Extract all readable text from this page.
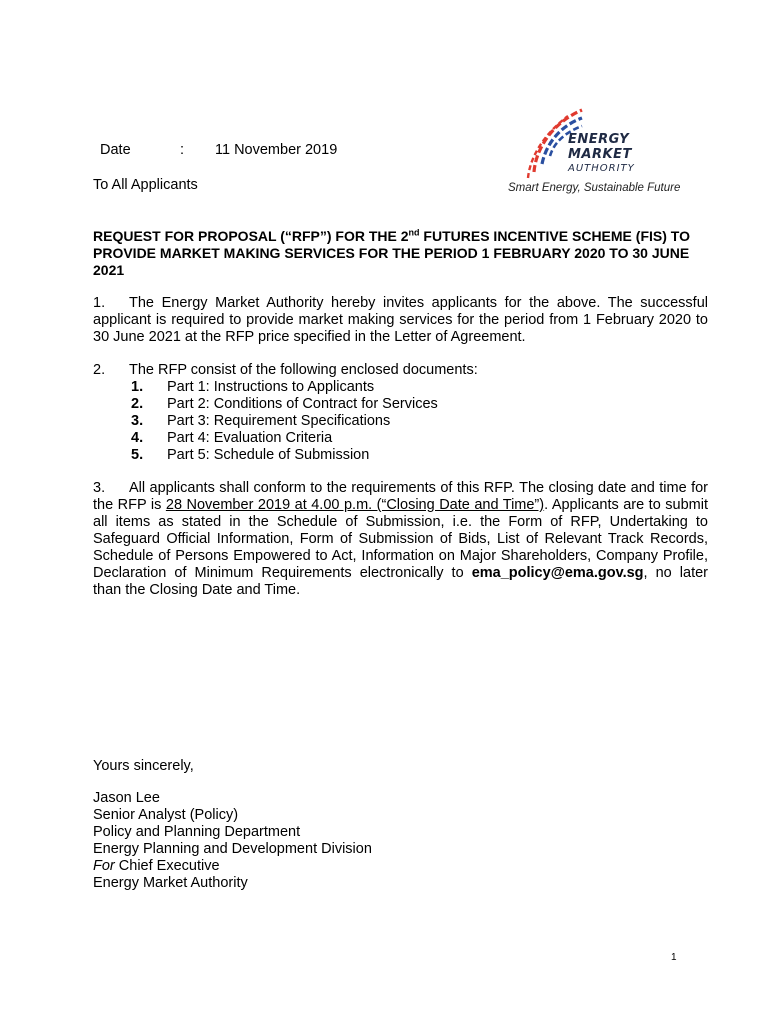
ENERGY
MARKET
AUTHORITY
Smart Energy, Sustainable Future
Date	: 11 November 2019
To All Applicants
REQUEST FOR PROPOSAL (“RFP”) FOR THE 2nd FUTURES INCENTIVE SCHEME (FIS) TO PROVIDE MARKET MAKING SERVICES FOR THE PERIOD 1 FEBRUARY 2020 TO 30 JUNE 2021
1. The Energy Market Authority hereby invites applicants for the above. The successful applicant is required to provide market making services for the period from 1 February 2020 to 30 June 2021 at the RFP price specified in the Letter of Agreement.
2. The RFP consist of the following enclosed documents:
1. Part 1: Instructions to Applicants
2. Part 2: Conditions of Contract for Services
3. Part 3: Requirement Specifications
4. Part 4: Evaluation Criteria
5. Part 5: Schedule of Submission
3. All applicants shall conform to the requirements of this RFP. The closing date and time for the RFP is 28 November 2019 at 4.00 p.m. (“Closing Date and Time”). Applicants are to submit all items as stated in the Schedule of Submission, i.e. the Form of RFP, Undertaking to Safeguard Official Information, Form of Submission of Bids, List of Relevant Track Records, Schedule of Persons Empowered to Act, Information on Major Shareholders, Company Profile, Declaration of Minimum Requirements electronically to ema_policy@ema.gov.sg, no later than the Closing Date and Time.
Yours sincerely,
Jason Lee
Senior Analyst (Policy)
Policy and Planning Department
Energy Planning and Development Division
For Chief Executive
Energy Market Authority
1
